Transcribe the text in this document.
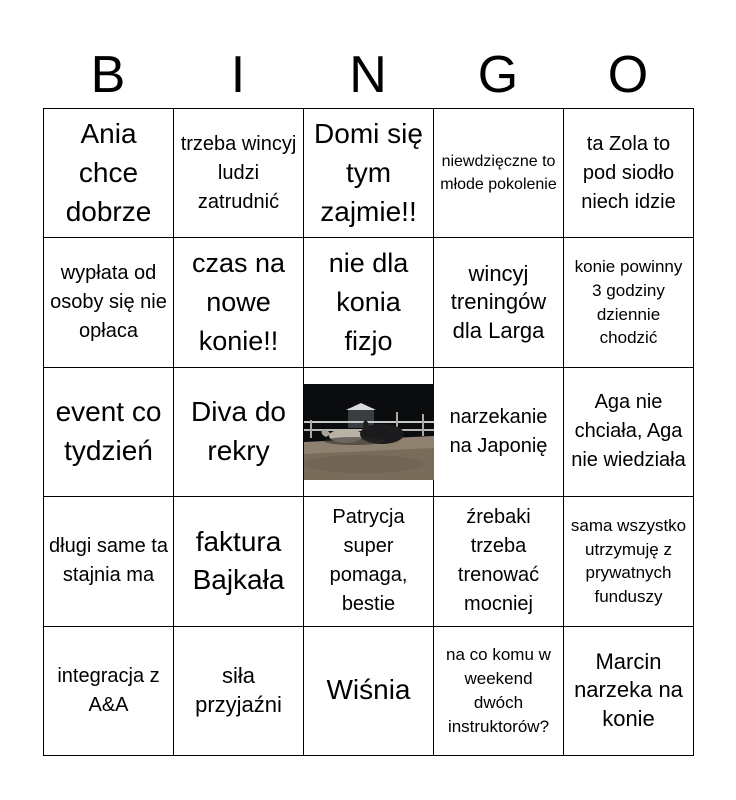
B	I	N	G	O
Ania chce dobrze	trzeba wincyj ludzi zatrudnić	Domi się tym zajmie!!	niewdzięczne to młode pokolenie	ta Zola to pod siodło niech idzie
wypłata od osoby się nie opłaca	czas na nowe konie!!	nie dla konia fizjo	wincyj treningów dla Larga	konie powinny 3 godziny dziennie chodzić
event co tydzień	Diva do rekry		narzekanie na Japonię	Aga nie chciała, Aga nie wiedziała
długi same ta stajnia ma	faktura Bajkała	Patrycja super pomaga, bestie	źrebaki trzeba trenować mocniej	sama wszystko utrzymuję z prywatnych funduszy
integracja z A&A	siła przyjaźni	Wiśnia	na co komu w weekend dwóch instruktorów?	Marcin narzeka na konie
